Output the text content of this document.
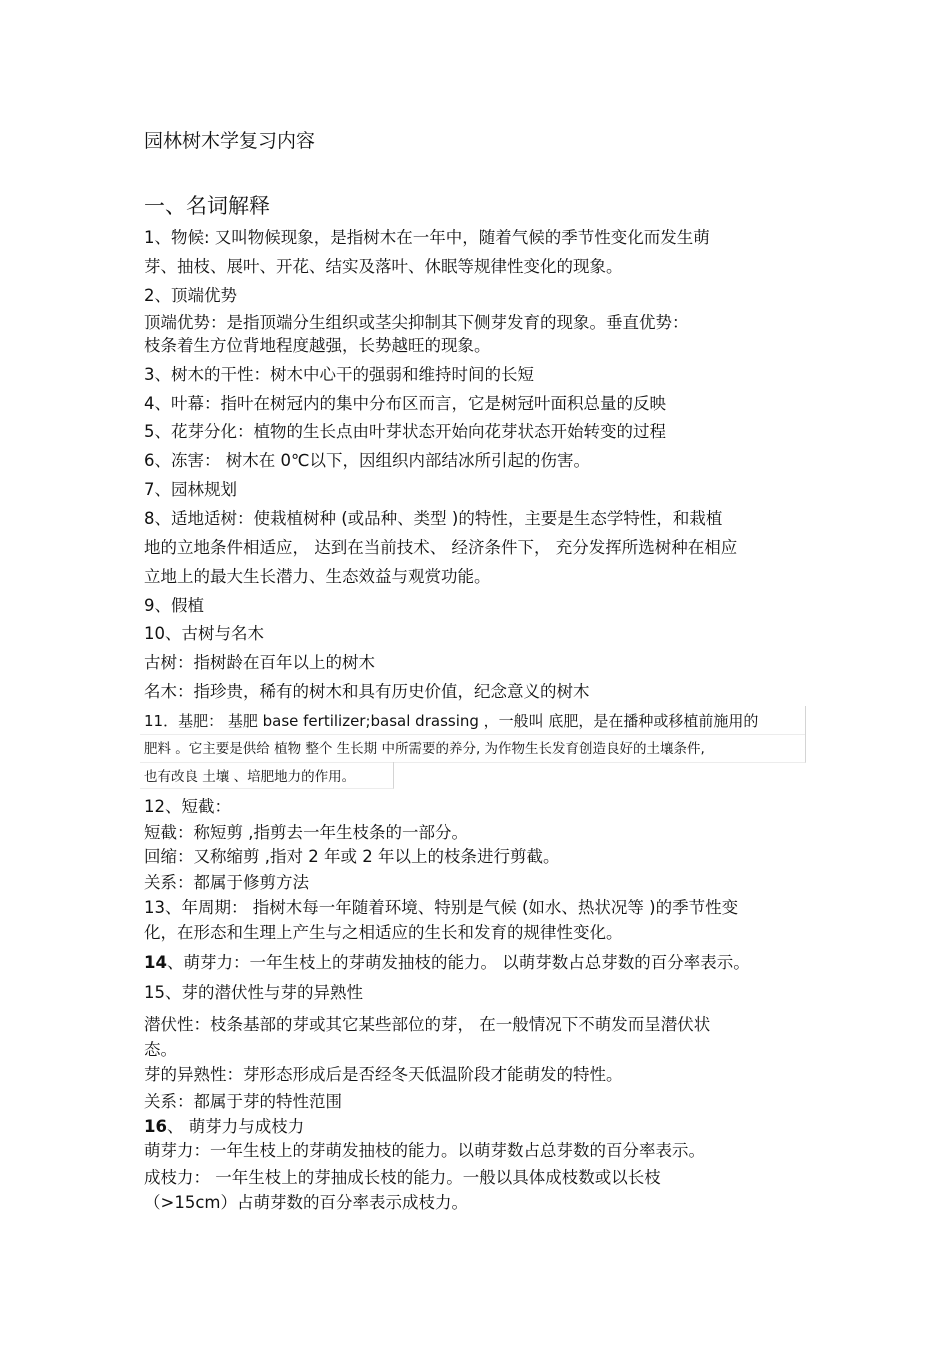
园林树木学复习内容
一、名词解释
1、物候: 又叫物候现象，是指树木在一年中，随着气候的季节性变化而发生萌
芽、抽枝、展叶、开花、结实及落叶、休眠等规律性变化的现象。
2、顶端优势
顶端优势：是指顶端分生组织或茎尖抑制其下侧芽发育的现象。垂直优势：
枝条着生方位背地程度越强，长势越旺的现象。
3、树木的干性：树木中心干的强弱和维持时间的长短
4、叶幕：指叶在树冠内的集中分布区而言，它是树冠叶面积总量的反映
5、花芽分化：植物的生长点由叶芽状态开始向花芽状态开始转变的过程
6、冻害： 树木在 0℃以下，因组织内部结冰所引起的伤害。
7、园林规划
8、适地适树：使栽植树种 (或品种、类型 )的特性，主要是生态学特性，和栽植
地的立地条件相适应， 达到在当前技术、 经济条件下， 充分发挥所选树种在相应
立地上的最大生长潜力、生态效益与观赏功能。
9、假植
10、古树与名木
古树：指树龄在百年以上的树木
名木：指珍贵，稀有的树木和具有历史价值，纪念意义的树木
11．基肥： 基肥 base fertilizer;basal drassing ，一般叫 底肥，是在播种或移植前施用的
肥料 。它主要是供给 植物 整个 生长期 中所需要的养分, 为作物生长发育创造良好的土壤条件,
也有改良 土壤 、培肥地力的作用。
12、短截：
短截：称短剪 ,指剪去一年生枝条的一部分。
回缩：又称缩剪 ,指对 2 年或 2 年以上的枝条进行剪截。
关系：都属于修剪方法
13、年周期： 指树木每一年随着环境、特别是气候 (如水、热状况等 )的季节性变
化，在形态和生理上产生与之相适应的生长和发育的规律性变化。
14、萌芽力：一年生枝上的芽萌发抽枝的能力。 以萌芽数占总芽数的百分率表示。
15、芽的潜伏性与芽的异熟性
潜伏性：枝条基部的芽或其它某些部位的芽， 在一般情况下不萌发而呈潜伏状
态。
芽的异熟性：芽形态形成后是否经冬天低温阶段才能萌发的特性。
关系：都属于芽的特性范围
16、 萌芽力与成枝力
萌芽力：一年生枝上的芽萌发抽枝的能力。以萌芽数占总芽数的百分率表示。
成枝力： 一年生枝上的芽抽成长枝的能力。一般以具体成枝数或以长枝
（>15cm）占萌芽数的百分率表示成枝力。
